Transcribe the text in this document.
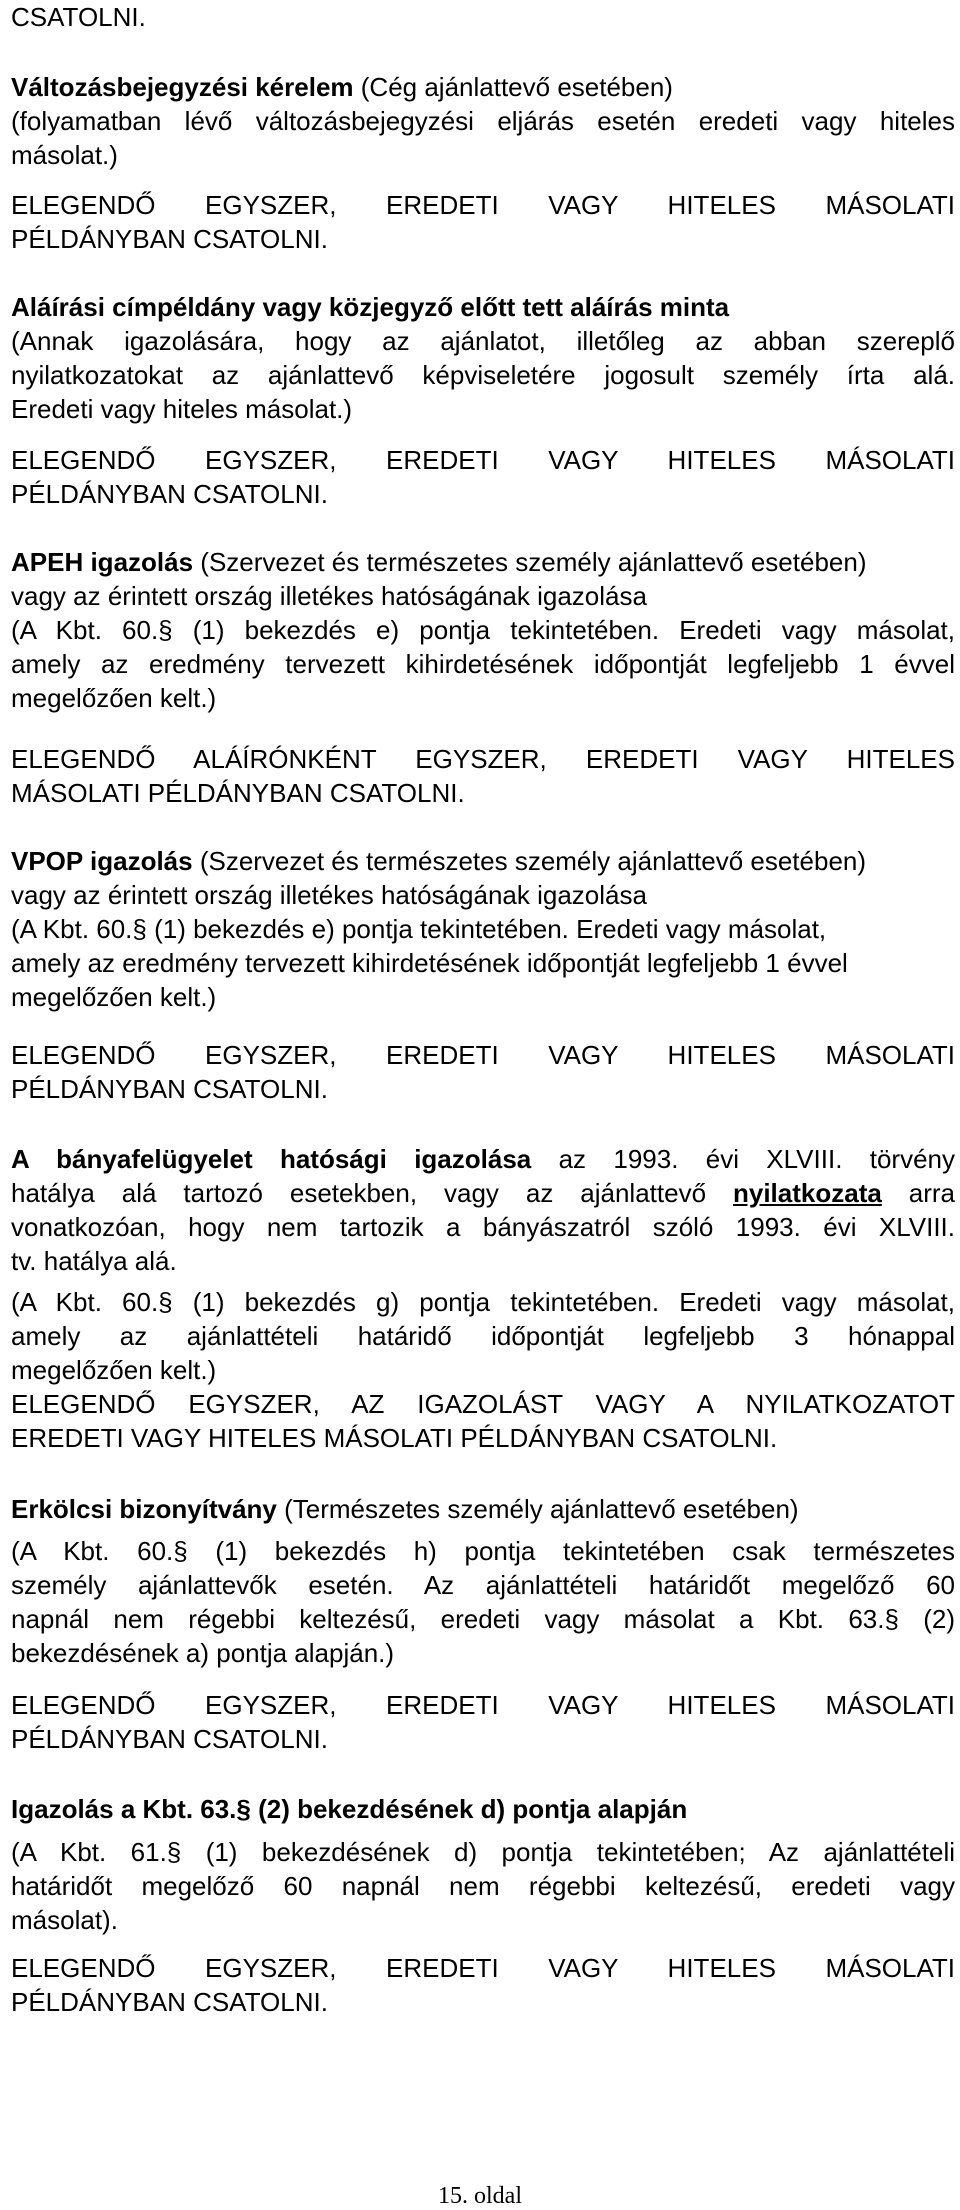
CSATOLNI.

Változásbejegyzési kérelem (Cég ajánlattevő esetében)

(folyamatban lévő változásbejegyzési eljárás esetén eredeti vagy hiteles

másolat.)

ELEGENDŐ EGYSZER, EREDETI VAGY HITELES MÁSOLATI

PÉLDÁNYBAN CSATOLNI.

Aláírási címpéldány vagy közjegyző előtt tett aláírás minta

(Annak igazolására, hogy az ajánlatot, illetőleg az abban szereplő

nyilatkozatokat az ajánlattevő képviseletére jogosult személy írta alá.

Eredeti vagy hiteles másolat.)

ELEGENDŐ EGYSZER, EREDETI VAGY HITELES MÁSOLATI

PÉLDÁNYBAN CSATOLNI.

APEH igazolás (Szervezet és természetes személy ajánlattevő esetében)

vagy az érintett ország illetékes hatóságának igazolása

(A Kbt. 60.§ (1) bekezdés e) pontja tekintetében. Eredeti vagy másolat,

amely az eredmény tervezett kihirdetésének időpontját legfeljebb 1 évvel

megelőzően kelt.)

ELEGENDŐ ALÁÍRÓNKÉNT EGYSZER, EREDETI VAGY HITELES

MÁSOLATI PÉLDÁNYBAN CSATOLNI.

VPOP igazolás (Szervezet és természetes személy ajánlattevő esetében)

vagy az érintett ország illetékes hatóságának igazolása

(A Kbt. 60.§ (1) bekezdés e) pontja tekintetében. Eredeti vagy másolat,

amely az eredmény tervezett kihirdetésének időpontját legfeljebb 1 évvel

megelőzően kelt.)

ELEGENDŐ EGYSZER, EREDETI VAGY HITELES MÁSOLATI

PÉLDÁNYBAN CSATOLNI.

A bányafelügyelet hatósági igazolása az 1993. évi XLVIII. törvény

hatálya alá tartozó esetekben, vagy az ajánlattevő nyilatkozata arra

vonatkozóan, hogy nem tartozik a bányászatról szóló 1993. évi XLVIII.

tv. hatálya alá.

(A Kbt. 60.§ (1) bekezdés g) pontja tekintetében. Eredeti vagy másolat,

amely az ajánlattételi határidő időpontját legfeljebb 3 hónappal

megelőzően kelt.)

ELEGENDŐ EGYSZER, AZ IGAZOLÁST VAGY A NYILATKOZATOT

EREDETI VAGY HITELES MÁSOLATI PÉLDÁNYBAN CSATOLNI.

Erkölcsi bizonyítvány (Természetes személy ajánlattevő esetében)

(A Kbt. 60.§ (1) bekezdés h) pontja tekintetében csak természetes

személy ajánlattevők esetén. Az ajánlattételi határidőt megelőző 60

napnál nem régebbi keltezésű, eredeti vagy másolat a Kbt. 63.§ (2)

bekezdésének a) pontja alapján.)

ELEGENDŐ EGYSZER, EREDETI VAGY HITELES MÁSOLATI

PÉLDÁNYBAN CSATOLNI.

Igazolás a Kbt. 63.§ (2) bekezdésének d) pontja alapján

(A Kbt. 61.§ (1) bekezdésének d) pontja tekintetében; Az ajánlattételi

határidőt megelőző 60 napnál nem régebbi keltezésű, eredeti vagy

másolat).

ELEGENDŐ EGYSZER, EREDETI VAGY HITELES MÁSOLATI

PÉLDÁNYBAN CSATOLNI.

15. oldal
